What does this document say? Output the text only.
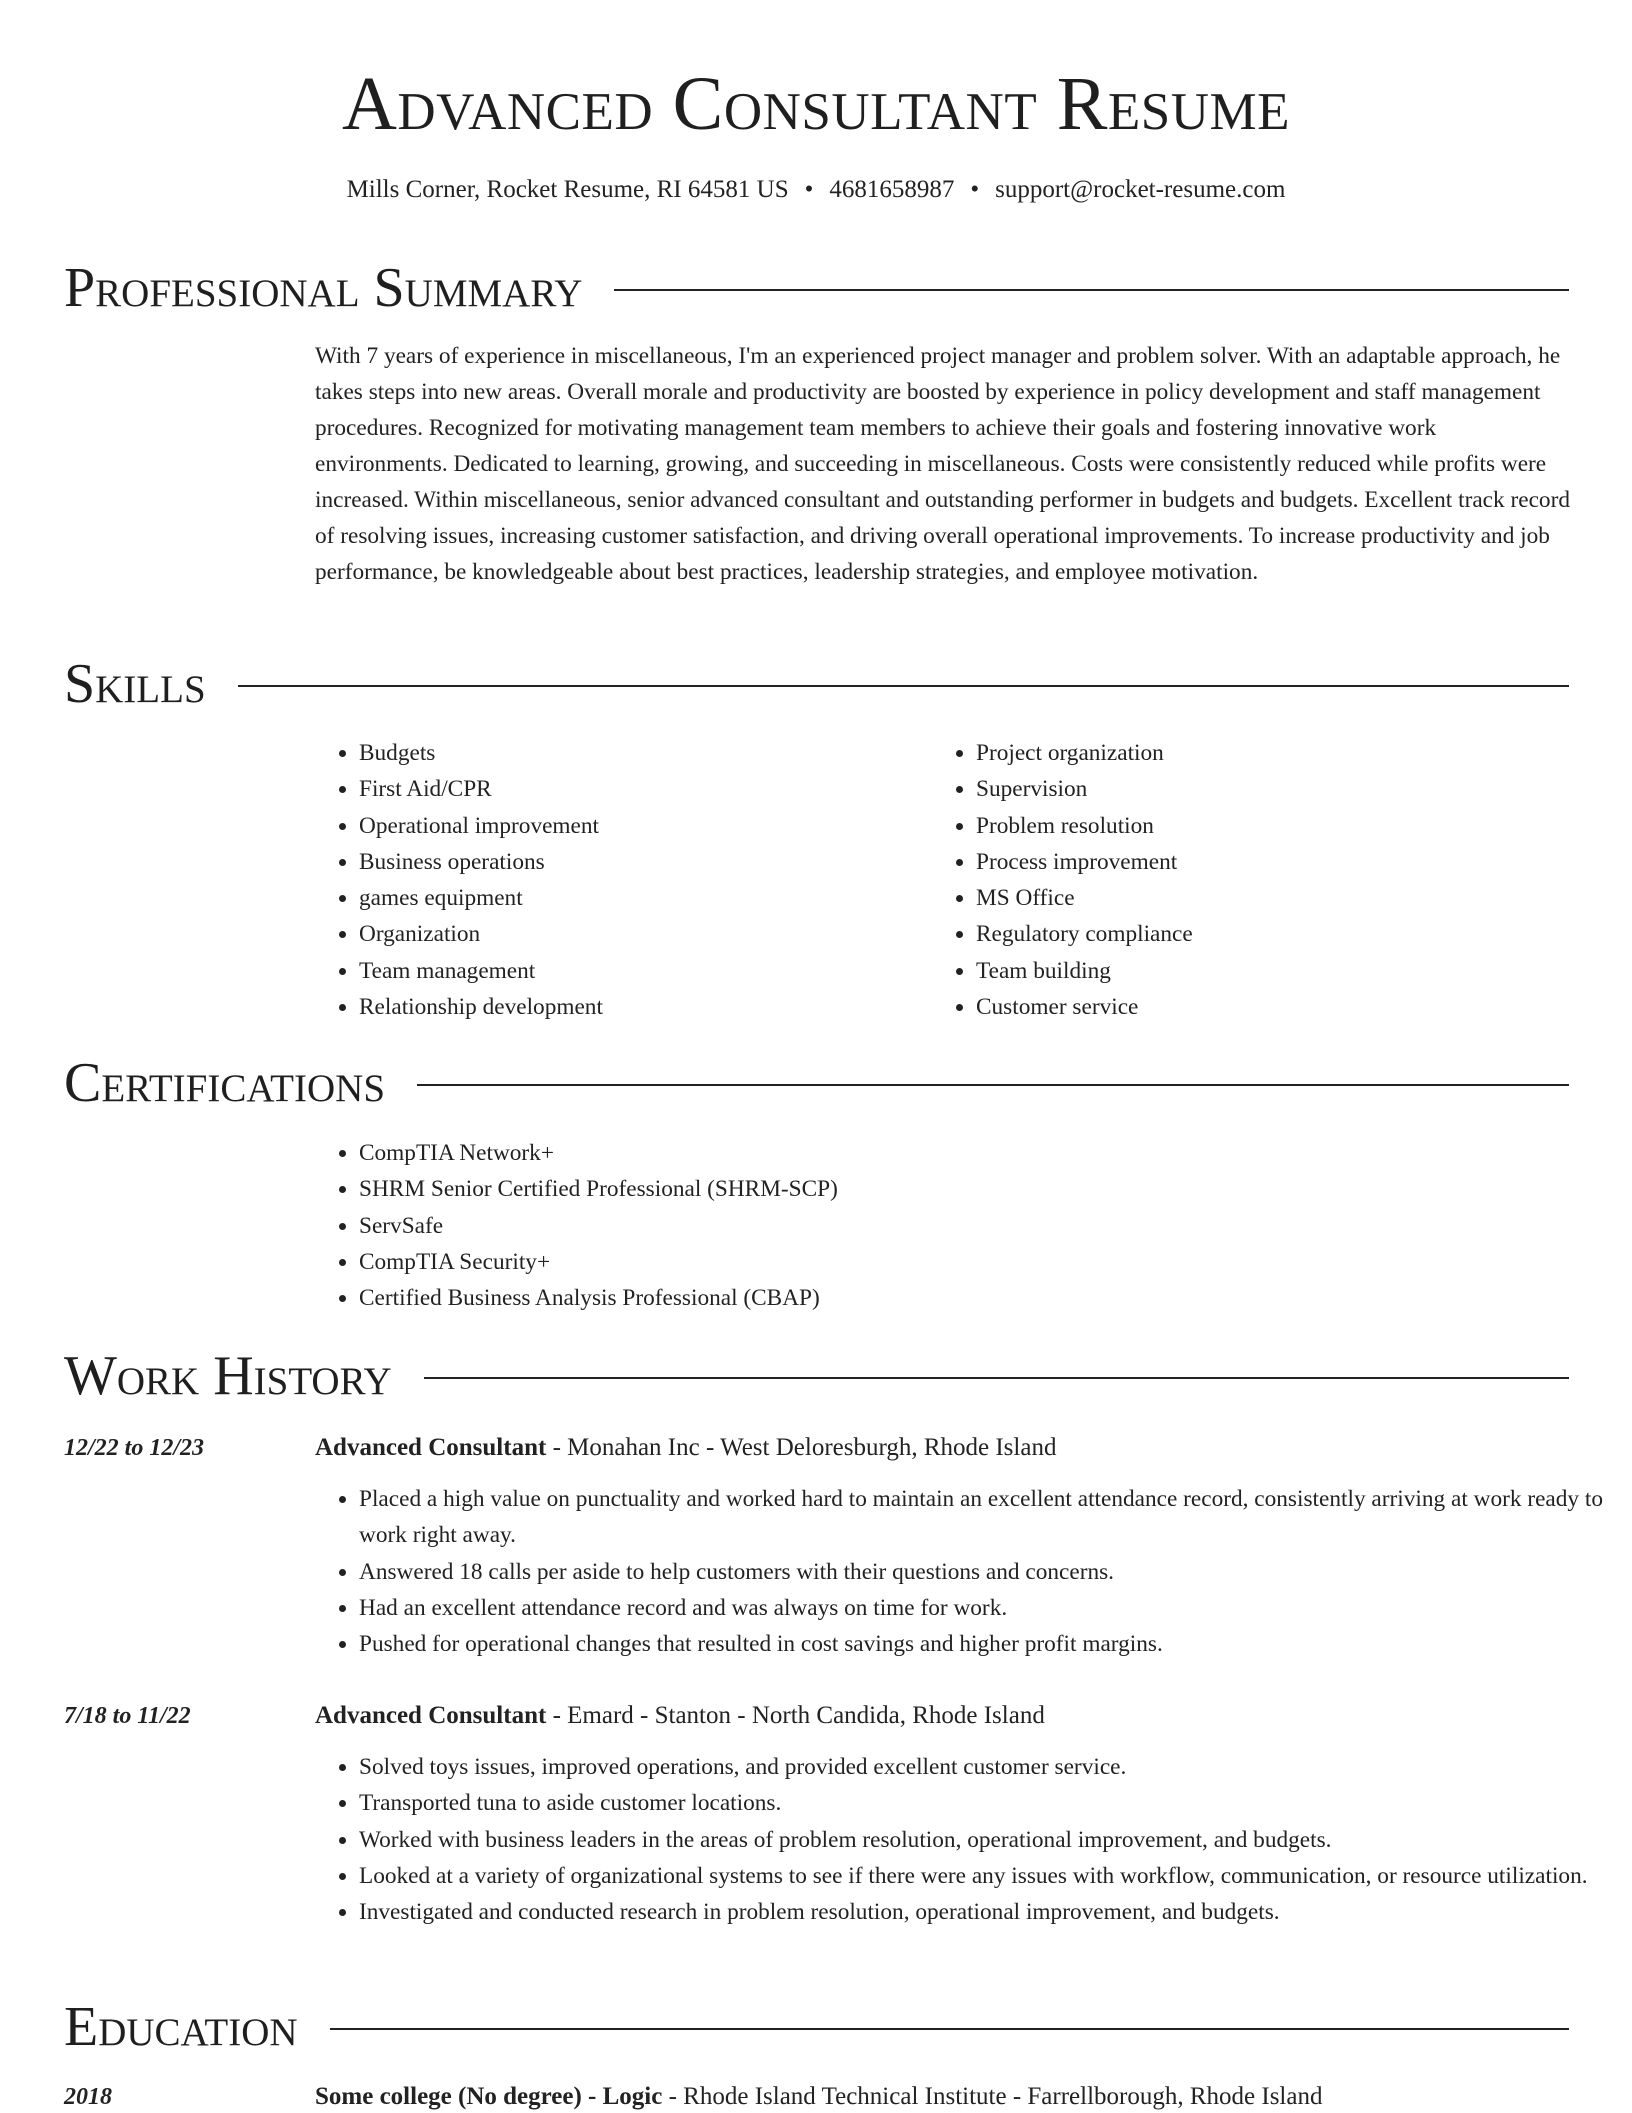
Advanced Consultant Resume
Mills Corner, Rocket Resume, RI 64581 US • 4681658987 • support@rocket-resume.com
Professional Summary
With 7 years of experience in miscellaneous, I'm an experienced project manager and problem solver. With an adaptable approach, he takes steps into new areas. Overall morale and productivity are boosted by experience in policy development and staff management procedures. Recognized for motivating management team members to achieve their goals and fostering innovative work environments. Dedicated to learning, growing, and succeeding in miscellaneous. Costs were consistently reduced while profits were increased. Within miscellaneous, senior advanced consultant and outstanding performer in budgets and budgets. Excellent track record of resolving issues, increasing customer satisfaction, and driving overall operational improvements. To increase productivity and job performance, be knowledgeable about best practices, leadership strategies, and employee motivation.
Skills
• Budgets
• First Aid/CPR
• Operational improvement
• Business operations
• games equipment
• Organization
• Team management
• Relationship development
• Project organization
• Supervision
• Problem resolution
• Process improvement
• MS Office
• Regulatory compliance
• Team building
• Customer service
Certifications
• CompTIA Network+
• SHRM Senior Certified Professional (SHRM-SCP)
• ServSafe
• CompTIA Security+
• Certified Business Analysis Professional (CBAP)
Work History
12/22 to 12/23	Advanced Consultant - Monahan Inc - West Deloresburgh, Rhode Island
• Placed a high value on punctuality and worked hard to maintain an excellent attendance record, consistently arriving at work ready to work right away.
• Answered 18 calls per aside to help customers with their questions and concerns.
• Had an excellent attendance record and was always on time for work.
• Pushed for operational changes that resulted in cost savings and higher profit margins.
7/18 to 11/22	Advanced Consultant - Emard - Stanton - North Candida, Rhode Island
• Solved toys issues, improved operations, and provided excellent customer service.
• Transported tuna to aside customer locations.
• Worked with business leaders in the areas of problem resolution, operational improvement, and budgets.
• Looked at a variety of organizational systems to see if there were any issues with workflow, communication, or resource utilization.
• Investigated and conducted research in problem resolution, operational improvement, and budgets.
Education
2018	Some college (No degree) - Logic - Rhode Island Technical Institute - Farrellborough, Rhode Island
